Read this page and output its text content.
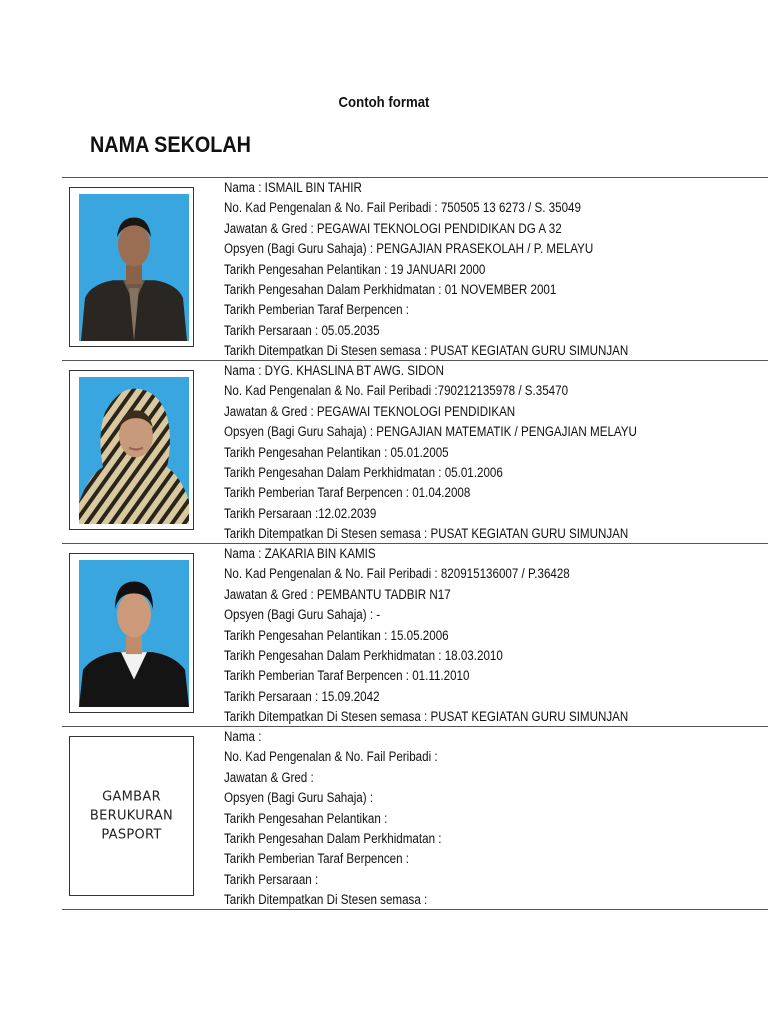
Contoh format
NAMA SEKOLAH
Nama : ISMAIL BIN TAHIR
No. Kad Pengenalan & No. Fail Peribadi : 750505 13 6273 / S. 35049
Jawatan & Gred : PEGAWAI TEKNOLOGI PENDIDIKAN DG A 32
Opsyen (Bagi Guru Sahaja) : PENGAJIAN PRASEKOLAH / P. MELAYU
Tarikh Pengesahan Pelantikan : 19 JANUARI 2000
Tarikh Pengesahan Dalam Perkhidmatan : 01 NOVEMBER 2001
Tarikh Pemberian Taraf Berpencen :
Tarikh Persaraan : 05.05.2035
Tarikh Ditempatkan Di Stesen semasa : PUSAT KEGIATAN GURU SIMUNJAN
Nama : DYG. KHASLINA BT AWG. SIDON
No. Kad Pengenalan & No. Fail Peribadi :790212135978 / S.35470
Jawatan & Gred : PEGAWAI TEKNOLOGI PENDIDIKAN
Opsyen (Bagi Guru Sahaja) : PENGAJIAN MATEMATIK / PENGAJIAN MELAYU
Tarikh Pengesahan Pelantikan : 05.01.2005
Tarikh Pengesahan Dalam Perkhidmatan : 05.01.2006
Tarikh Pemberian Taraf Berpencen : 01.04.2008
Tarikh Persaraan :12.02.2039
Tarikh Ditempatkan Di Stesen semasa : PUSAT KEGIATAN GURU SIMUNJAN
Nama : ZAKARIA BIN KAMIS
No. Kad Pengenalan & No. Fail Peribadi : 820915136007 / P.36428
Jawatan & Gred : PEMBANTU TADBIR N17
Opsyen (Bagi Guru Sahaja) : -
Tarikh Pengesahan Pelantikan : 15.05.2006
Tarikh Pengesahan Dalam Perkhidmatan : 18.03.2010
Tarikh Pemberian Taraf Berpencen : 01.11.2010
Tarikh Persaraan : 15.09.2042
Tarikh Ditempatkan Di Stesen semasa : PUSAT KEGIATAN GURU SIMUNJAN
GAMBAR
BERUKURAN
PASPORT
Nama :
No. Kad Pengenalan & No. Fail Peribadi :
Jawatan & Gred :
Opsyen (Bagi Guru Sahaja) :
Tarikh Pengesahan Pelantikan :
Tarikh Pengesahan Dalam Perkhidmatan :
Tarikh Pemberian Taraf Berpencen :
Tarikh Persaraan :
Tarikh Ditempatkan Di Stesen semasa :
